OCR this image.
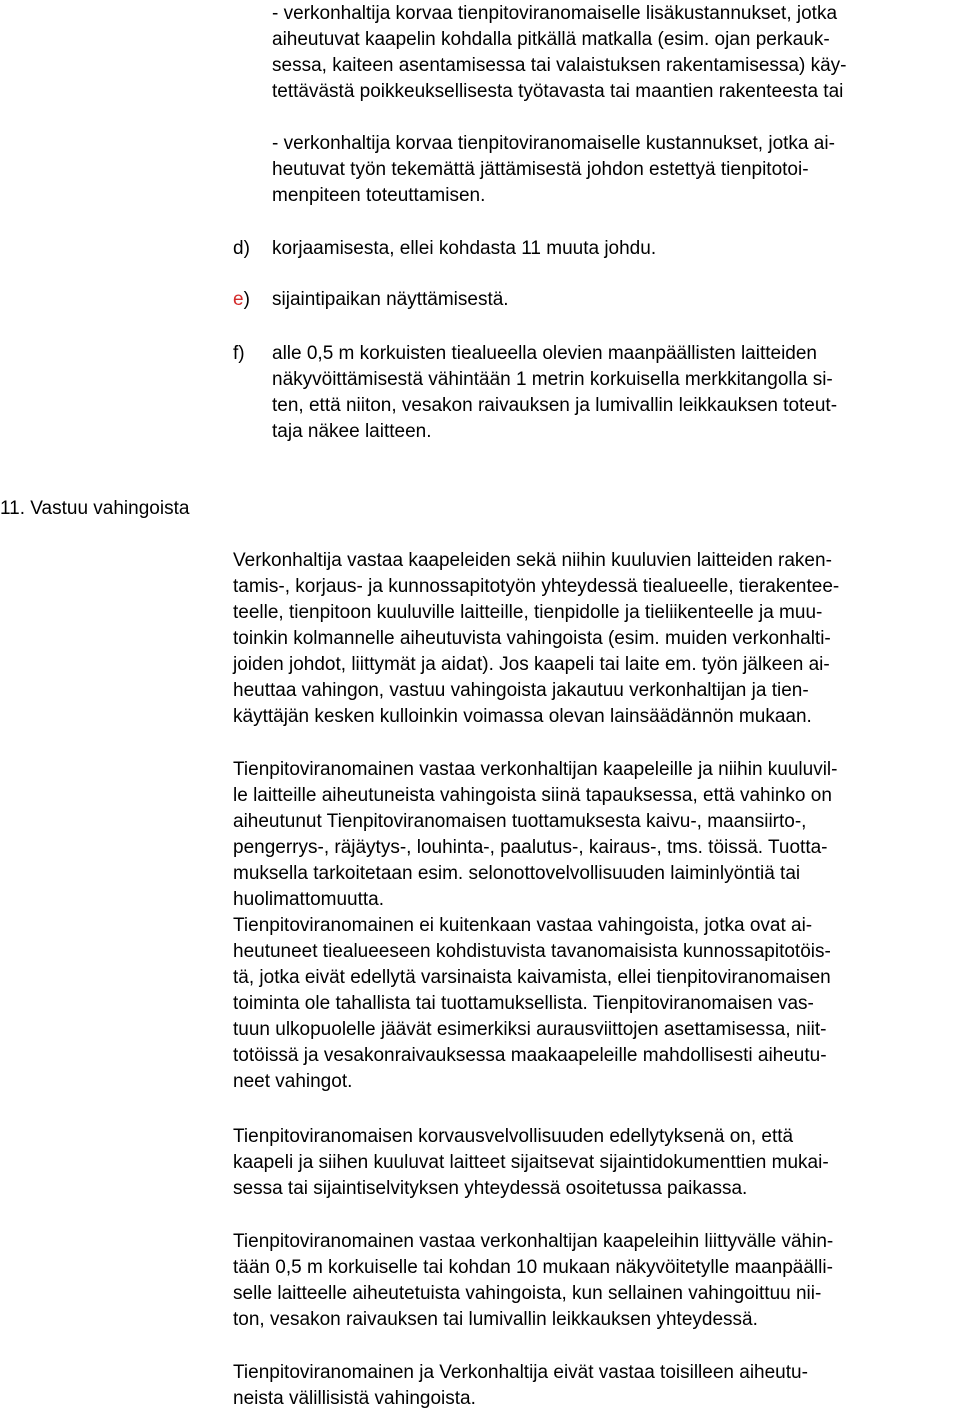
- verkonhaltija korvaa tienpitoviranomaiselle lisäkustannukset, jotka
aiheutuvat kaapelin kohdalla pitkällä matkalla (esim. ojan perkauk-
sessa, kaiteen asentamisessa tai valaistuksen rakentamisessa) käy-
tettävästä poikkeuksellisesta työtavasta tai maantien rakenteesta tai
- verkonhaltija korvaa tienpitoviranomaiselle kustannukset, jotka ai-
heutuvat työn tekemättä jättämisestä johdon estettyä tienpitotoi-
menpiteen toteuttamisen.
d) korjaamisesta, ellei kohdasta 11 muuta johdu.
e) sijaintipaikan näyttämisestä.
f) alle 0,5 m korkuisten tiealueella olevien maanpäällisten laitteiden
näkyvöittämisestä vähintään 1 metrin korkuisella merkkitangolla si-
ten, että niiton, vesakon raivauksen ja lumivallin leikkauksen toteut-
taja näkee laitteen.
11. Vastuu vahingoista
Verkonhaltija vastaa kaapeleiden sekä niihin kuuluvien laitteiden raken-
tamis-, korjaus- ja kunnossapitotyön yhteydessä tiealueelle, tierakentee-
teelle, tienpitoon kuuluville laitteille, tienpidolle ja tieliikenteelle ja muu-
toinkin kolmannelle aiheutuvista vahingoista (esim. muiden verkonhalti-
joiden johdot, liittymät ja aidat). Jos kaapeli tai laite em. työn jälkeen ai-
heuttaa vahingon, vastuu vahingoista jakautuu verkonhaltijan ja tien-
käyttäjän kesken kulloinkin voimassa olevan lainsäädännön mukaan.
Tienpitoviranomainen vastaa verkonhaltijan kaapeleille ja niihin kuuluvil-
le laitteille aiheutuneista vahingoista siinä tapauksessa, että vahinko on
aiheutunut Tienpitoviranomaisen tuottamuksesta kaivu-, maansiirto-,
pengerrys-, räjäytys-, louhinta-, paalutus-, kairaus-, tms. töissä. Tuotta-
muksella tarkoitetaan esim. selonottovelvollisuuden laiminlyöntiä tai
huolimattomuutta.
Tienpitoviranomainen ei kuitenkaan vastaa vahingoista, jotka ovat ai-
heutuneet tiealueeseen kohdistuvista tavanomaisista kunnossapitotöis-
tä, jotka eivät edellytä varsinaista kaivamista, ellei tienpitoviranomaisen
toiminta ole tahallista tai tuottamuksellista. Tienpitoviranomaisen vas-
tuun ulkopuolelle jäävät esimerkiksi aurausviittojen asettamisessa, niit-
totöissä ja vesakonraivauksessa maakaapeleille mahdollisesti aiheutu-
neet vahingot.
Tienpitoviranomaisen korvausvelvollisuuden edellytyksenä on, että
kaapeli ja siihen kuuluvat laitteet sijaitsevat sijaintidokumenttien mukai-
sessa tai sijaintiselvityksen yhteydessä osoitetussa paikassa.
Tienpitoviranomainen vastaa verkonhaltijan kaapeleihin liittyvälle vähin-
tään 0,5 m korkuiselle tai kohdan 10 mukaan näkyvöitetylle maanpäälli-
selle laitteelle aiheutetuista vahingoista, kun sellainen vahingoittuu nii-
ton, vesakon raivauksen tai lumivallin leikkauksen yhteydessä.
Tienpitoviranomainen ja Verkonhaltija eivät vastaa toisilleen aiheutu-
neista välillisistä vahingoista.
